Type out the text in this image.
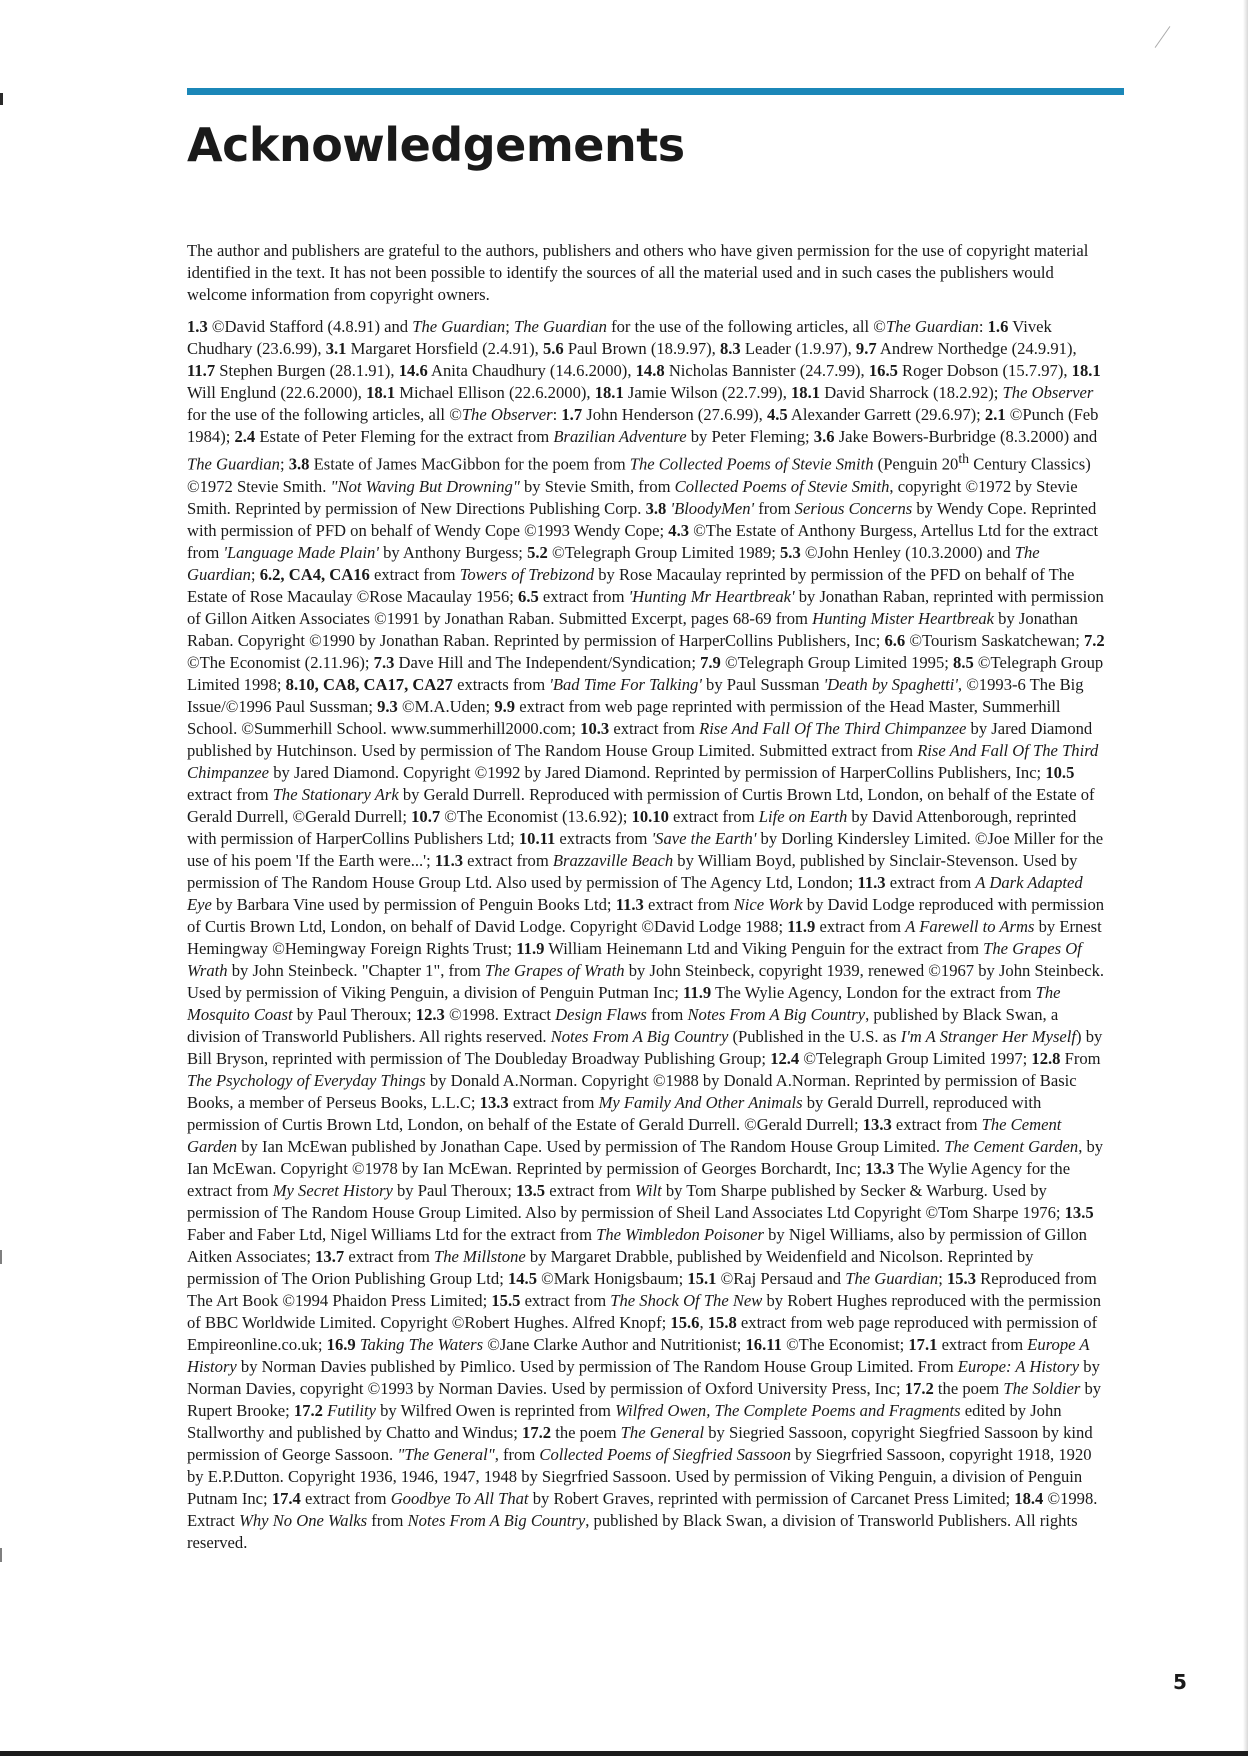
Acknowledgements

The author and publishers are grateful to the authors, publishers and others who have given permission for the use of copyright material identified in the text. It has not been possible to identify the sources of all the material used and in such cases the publishers would welcome information from copyright owners.

1.3 ©David Stafford (4.8.91) and The Guardian; The Guardian for the use of the following articles, all ©The Guardian: 1.6 Vivek Chudhary (23.6.99), 3.1 Margaret Horsfield (2.4.91), 5.6 Paul Brown (18.9.97), 8.3 Leader (1.9.97), 9.7 Andrew Northedge (24.9.91), 11.7 Stephen Burgen (28.1.91), 14.6 Anita Chaudhury (14.6.2000), 14.8 Nicholas Bannister (24.7.99), 16.5 Roger Dobson (15.7.97), 18.1 Will Englund (22.6.2000), 18.1 Michael Ellison (22.6.2000), 18.1 Jamie Wilson (22.7.99), 18.1 David Sharrock (18.2.92); The Observer for the use of the following articles, all ©The Observer: 1.7 John Henderson (27.6.99), 4.5 Alexander Garrett (29.6.97); 2.1 ©Punch (Feb 1984); 2.4 Estate of Peter Fleming for the extract from Brazilian Adventure by Peter Fleming; 3.6 Jake Bowers-Burbridge (8.3.2000) and The Guardian; 3.8 Estate of James MacGibbon for the poem from The Collected Poems of Stevie Smith (Penguin 20th Century Classics) ©1972 Stevie Smith. "Not Waving But Drowning" by Stevie Smith, from Collected Poems of Stevie Smith, copyright ©1972 by Stevie Smith. Reprinted by permission of New Directions Publishing Corp. 3.8 'BloodyMen' from Serious Concerns by Wendy Cope. Reprinted with permission of PFD on behalf of Wendy Cope ©1993 Wendy Cope; 4.3 ©The Estate of Anthony Burgess, Artellus Ltd for the extract from 'Language Made Plain' by Anthony Burgess; 5.2 ©Telegraph Group Limited 1989; 5.3 ©John Henley (10.3.2000) and The Guardian; 6.2, CA4, CA16 extract from Towers of Trebizond by Rose Macaulay reprinted by permission of the PFD on behalf of The Estate of Rose Macaulay ©Rose Macaulay 1956; 6.5 extract from 'Hunting Mr Heartbreak' by Jonathan Raban, reprinted with permission of Gillon Aitken Associates ©1991 by Jonathan Raban. Submitted Excerpt, pages 68-69 from Hunting Mister Heartbreak by Jonathan Raban. Copyright ©1990 by Jonathan Raban. Reprinted by permission of HarperCollins Publishers, Inc; 6.6 ©Tourism Saskatchewan; 7.2 ©The Economist (2.11.96); 7.3 Dave Hill and The Independent/Syndication; 7.9 ©Telegraph Group Limited 1995; 8.5 ©Telegraph Group Limited 1998; 8.10, CA8, CA17, CA27 extracts from 'Bad Time For Talking' by Paul Sussman 'Death by Spaghetti', ©1993-6 The Big Issue/©1996 Paul Sussman; 9.3 ©M.A.Uden; 9.9 extract from web page reprinted with permission of the Head Master, Summerhill School. ©Summerhill School. www.summerhill2000.com; 10.3 extract from Rise And Fall Of The Third Chimpanzee by Jared Diamond published by Hutchinson. Used by permission of The Random House Group Limited. Submitted extract from Rise And Fall Of The Third Chimpanzee by Jared Diamond. Copyright ©1992 by Jared Diamond. Reprinted by permission of HarperCollins Publishers, Inc; 10.5 extract from The Stationary Ark by Gerald Durrell. Reproduced with permission of Curtis Brown Ltd, London, on behalf of the Estate of Gerald Durrell, ©Gerald Durrell; 10.7 ©The Economist (13.6.92); 10.10 extract from Life on Earth by David Attenborough, reprinted with permission of HarperCollins Publishers Ltd; 10.11 extracts from 'Save the Earth' by Dorling Kindersley Limited. ©Joe Miller for the use of his poem 'If the Earth were...'; 11.3 extract from Brazzaville Beach by William Boyd, published by Sinclair-Stevenson. Used by permission of The Random House Group Ltd. Also used by permission of The Agency Ltd, London; 11.3 extract from A Dark Adapted Eye by Barbara Vine used by permission of Penguin Books Ltd; 11.3 extract from Nice Work by David Lodge reproduced with permission of Curtis Brown Ltd, London, on behalf of David Lodge. Copyright ©David Lodge 1988; 11.9 extract from A Farewell to Arms by Ernest Hemingway ©Hemingway Foreign Rights Trust; 11.9 William Heinemann Ltd and Viking Penguin for the extract from The Grapes Of Wrath by John Steinbeck. "Chapter 1", from The Grapes of Wrath by John Steinbeck, copyright 1939, renewed ©1967 by John Steinbeck. Used by permission of Viking Penguin, a division of Penguin Putman Inc; 11.9 The Wylie Agency, London for the extract from The Mosquito Coast by Paul Theroux; 12.3 ©1998. Extract Design Flaws from Notes From A Big Country, published by Black Swan, a division of Transworld Publishers. All rights reserved. Notes From A Big Country (Published in the U.S. as I'm A Stranger Her Myself) by Bill Bryson, reprinted with permission of The Doubleday Broadway Publishing Group; 12.4 ©Telegraph Group Limited 1997; 12.8 From The Psychology of Everyday Things by Donald A.Norman. Copyright ©1988 by Donald A.Norman. Reprinted by permission of Basic Books, a member of Perseus Books, L.L.C; 13.3 extract from My Family And Other Animals by Gerald Durrell, reproduced with permission of Curtis Brown Ltd, London, on behalf of the Estate of Gerald Durrell. ©Gerald Durrell; 13.3 extract from The Cement Garden by Ian McEwan published by Jonathan Cape. Used by permission of The Random House Group Limited. The Cement Garden, by Ian McEwan. Copyright ©1978 by Ian McEwan. Reprinted by permission of Georges Borchardt, Inc; 13.3 The Wylie Agency for the extract from My Secret History by Paul Theroux; 13.5 extract from Wilt by Tom Sharpe published by Secker & Warburg. Used by permission of The Random House Group Limited. Also by permission of Sheil Land Associates Ltd Copyright ©Tom Sharpe 1976; 13.5 Faber and Faber Ltd, Nigel Williams Ltd for the extract from The Wimbledon Poisoner by Nigel Williams, also by permission of Gillon Aitken Associates; 13.7 extract from The Millstone by Margaret Drabble, published by Weidenfield and Nicolson. Reprinted by permission of The Orion Publishing Group Ltd; 14.5 ©Mark Honigsbaum; 15.1 ©Raj Persaud and The Guardian; 15.3 Reproduced from The Art Book ©1994 Phaidon Press Limited; 15.5 extract from The Shock Of The New by Robert Hughes reproduced with the permission of BBC Worldwide Limited. Copyright ©Robert Hughes. Alfred Knopf; 15.6, 15.8 extract from web page reproduced with permission of Empireonline.co.uk; 16.9 Taking The Waters ©Jane Clarke Author and Nutritionist; 16.11 ©The Economist; 17.1 extract from Europe A History by Norman Davies published by Pimlico. Used by permission of The Random House Group Limited. From Europe: A History by Norman Davies, copyright ©1993 by Norman Davies. Used by permission of Oxford University Press, Inc; 17.2 the poem The Soldier by Rupert Brooke; 17.2 Futility by Wilfred Owen is reprinted from Wilfred Owen, The Complete Poems and Fragments edited by John Stallworthy and published by Chatto and Windus; 17.2 the poem The General by Siegried Sassoon, copyright Siegfried Sassoon by kind permission of George Sassoon. "The General", from Collected Poems of Siegfried Sassoon by Siegrfried Sassoon, copyright 1918, 1920 by E.P.Dutton. Copyright 1936, 1946, 1947, 1948 by Siegrfried Sassoon. Used by permission of Viking Penguin, a division of Penguin Putnam Inc; 17.4 extract from Goodbye To All That by Robert Graves, reprinted with permission of Carcanet Press Limited; 18.4 ©1998. Extract Why No One Walks from Notes From A Big Country, published by Black Swan, a division of Transworld Publishers. All rights reserved.

5
